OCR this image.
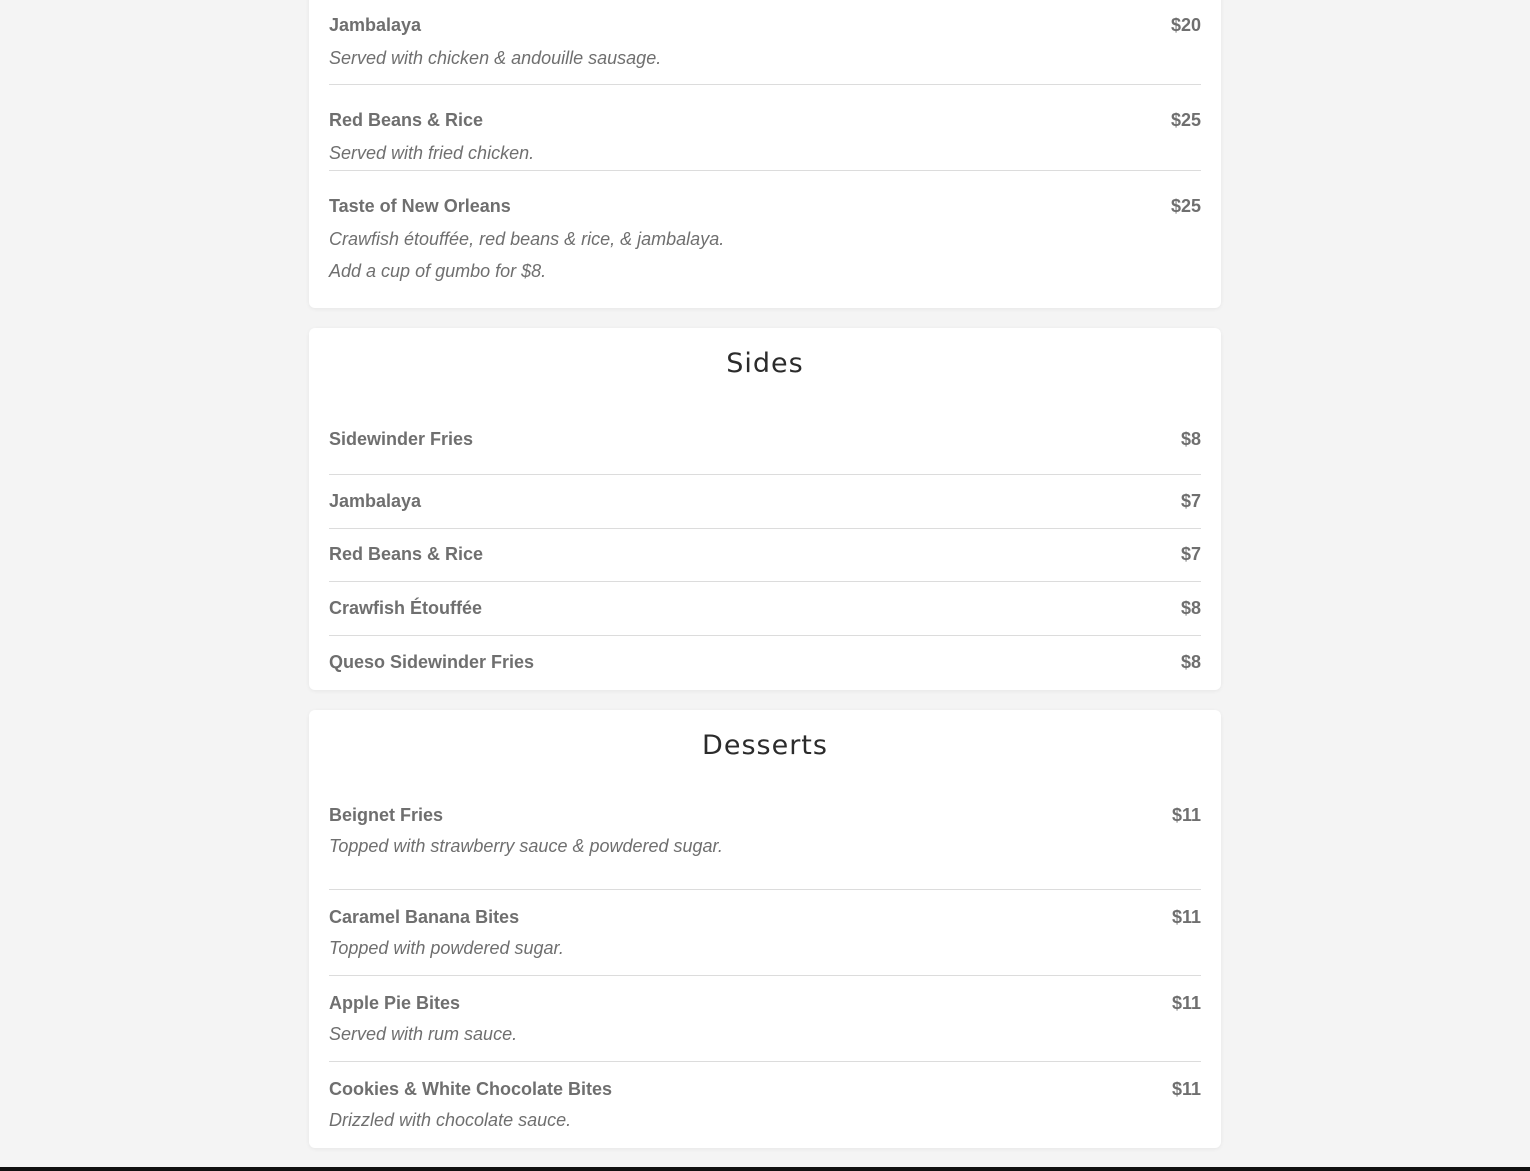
Jambalaya	$20
Served with chicken & andouille sausage.
Red Beans & Rice	$25
Served with fried chicken.
Taste of New Orleans	$25
Crawfish étouffée, red beans & rice, & jambalaya.
Add a cup of gumbo for $8.
Sides
Sidewinder Fries	$8
Jambalaya	$7
Red Beans & Rice	$7
Crawfish Étouffée	$8
Queso Sidewinder Fries	$8
Desserts
Beignet Fries	$11
Topped with strawberry sauce & powdered sugar.
Caramel Banana Bites	$11
Topped with powdered sugar.
Apple Pie Bites	$11
Served with rum sauce.
Cookies & White Chocolate Bites	$11
Drizzled with chocolate sauce.
